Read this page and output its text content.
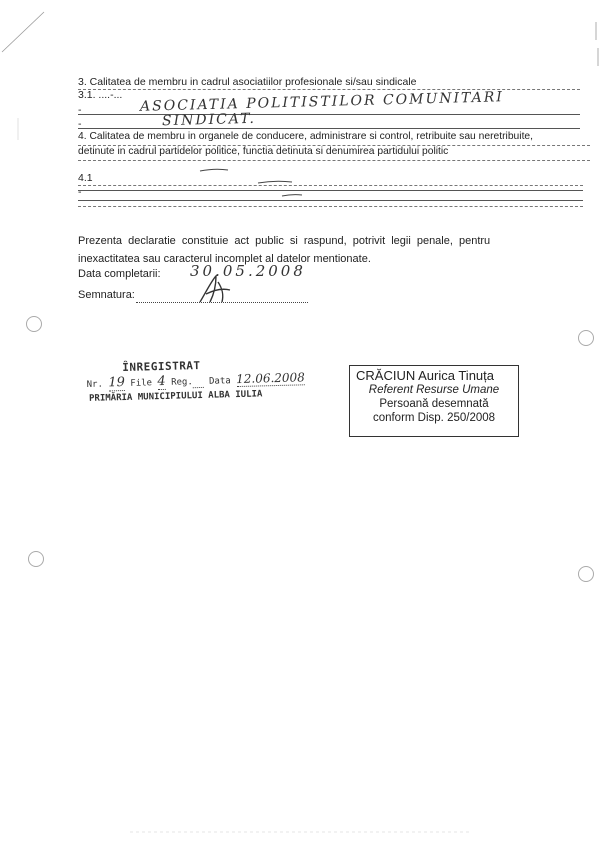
3. Calitatea de membru in cadrul asociatiilor profesionale si/sau sindicale
3.1. ....-... ASOCIATIA POLITISTILOR COMUNITARI
-
SINDICAT.
-
4. Calitatea de membru in organele de conducere, administrare si control, retribuite sau neretribuite,
detinute in cadrul partidelor politice, functia detinuta si denumirea partidului politic
4.1
-
Prezenta declaratie constituie act public si raspund, potrivit legii penale, pentru
inexactitatea sau caracterul incomplet al datelor mentionate.
Data completarii: 30.05.2008
Semnatura:
ÎNREGISTRAT
Nr. 19 File 4 Reg. Data 12.06.2008
PRIMĂRIA MUNICIPIULUI ALBA IULIA
CRĂCIUN Aurica Tinuța
Referent Resurse Umane
Persoană desemnată
conform Disp. 250/2008
